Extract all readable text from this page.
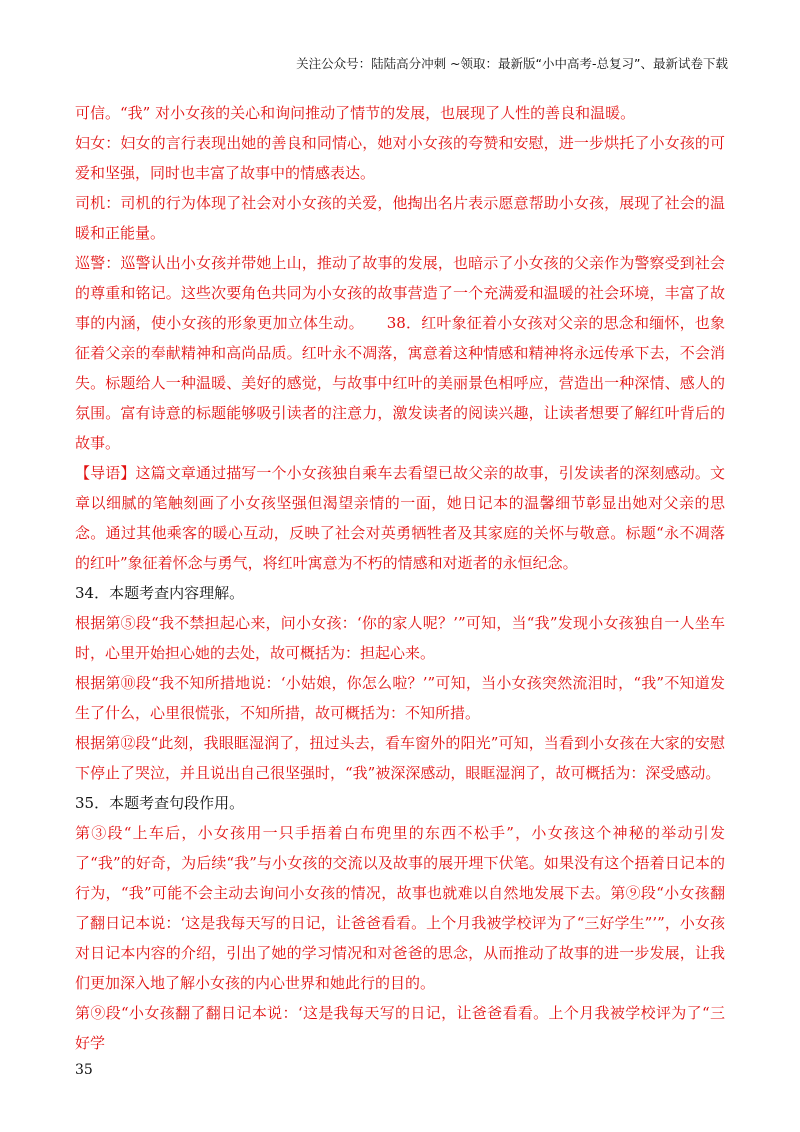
关注公众号：陆陆高分冲刺 ~领取：最新版“小中高考-总复习”、最新试卷下载

可信。“我” 对小女孩的关心和询问推动了情节的发展，也展现了人性的善良和温暖。

妇女：妇女的言行表现出她的善良和同情心，她对小女孩的夸赞和安慰，进一步烘托了小女孩的可爱和坚强，同时也丰富了故事中的情感表达。

司机：司机的行为体现了社会对小女孩的关爱，他掏出名片表示愿意帮助小女孩，展现了社会的温暖和正能量。

巡警：巡警认出小女孩并带她上山，推动了故事的发展，也暗示了小女孩的父亲作为警察受到社会的尊重和铭记。这些次要角色共同为小女孩的故事营造了一个充满爱和温暖的社会环境，丰富了故事的内涵，使小女孩的形象更加立体生动。　　38．红叶象征着小女孩对父亲的思念和缅怀，也象征着父亲的奉献精神和高尚品质。红叶永不凋落，寓意着这种情感和精神将永远传承下去，不会消失。标题给人一种温暖、美好的感觉，与故事中红叶的美丽景色相呼应，营造出一种深情、感人的氛围。富有诗意的标题能够吸引读者的注意力，激发读者的阅读兴趣，让读者想要了解红叶背后的故事。

【导语】这篇文章通过描写一个小女孩独自乘车去看望已故父亲的故事，引发读者的深刻感动。文章以细腻的笔触刻画了小女孩坚强但渴望亲情的一面，她日记本的温馨细节彰显出她对父亲的思念。通过其他乘客的暖心互动，反映了社会对英勇牺牲者及其家庭的关怀与敬意。标题“永不凋落的红叶”象征着怀念与勇气，将红叶寓意为不朽的情感和对逝者的永恒纪念。

34．本题考查内容理解。

根据第⑤段“我不禁担起心来，问小女孩：‘你的家人呢？’”可知，当“我”发现小女孩独自一人坐车时，心里开始担心她的去处，故可概括为：担起心来。

根据第⑩段“我不知所措地说：‘小姑娘，你怎么啦？’”可知，当小女孩突然流泪时，“我”不知道发生了什么，心里很慌张，不知所措，故可概括为：不知所措。

根据第⑫段“此刻，我眼眶湿润了，扭过头去，看车窗外的阳光”可知，当看到小女孩在大家的安慰下停止了哭泣，并且说出自己很坚强时，“我”被深深感动，眼眶湿润了，故可概括为：深受感动。

35．本题考查句段作用。

第③段“上车后，小女孩用一只手捂着白布兜里的东西不松手”，小女孩这个神秘的举动引发了“我”的好奇，为后续“我”与小女孩的交流以及故事的展开埋下伏笔。如果没有这个捂着日记本的行为，“我”可能不会主动去询问小女孩的情况，故事也就难以自然地发展下去。第⑨段“小女孩翻了翻日记本说：‘这是我每天写的日记，让爸爸看看。上个月我被学校评为了“三好学生”’”，小女孩对日记本内容的介绍，引出了她的学习情况和对爸爸的思念，从而推动了故事的进一步发展，让我们更加深入地了解小女孩的内心世界和她此行的目的。

第⑨段“小女孩翻了翻日记本说：‘这是我每天写的日记，让爸爸看看。上个月我被学校评为了“三好学

35
